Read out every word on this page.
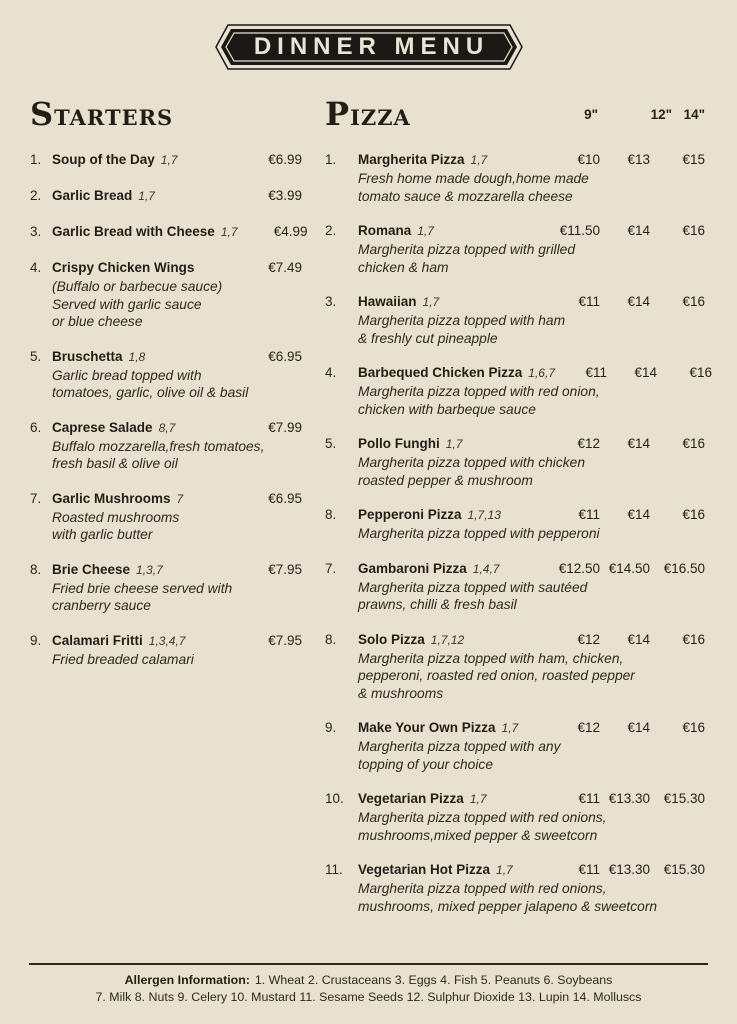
DINNER MENU
STARTERS
1. Soup of the Day 1,7	€6.99
2. Garlic Bread 1,7	€3.99
3. Garlic Bread with Cheese 1,7	€4.99
4. Crispy Chicken Wings	€7.49
(Buffalo or barbecue sauce)
Served with garlic sauce
or blue cheese
5. Bruschetta 1,8	€6.95
Garlic bread topped with
tomatoes, garlic, olive oil & basil
6. Caprese Salade 8,7	€7.99
Buffalo mozzarella,fresh tomatoes,
fresh basil & olive oil
7. Garlic Mushrooms 7	€6.95
Roasted mushrooms
with garlic butter
8. Brie Cheese 1,3,7	€7.95
Fried brie cheese served with
cranberry sauce
9. Calamari Fritti 1,3,4,7	€7.95
Fried breaded calamari
PIZZA	9"	12" 14"
1.	Margherita Pizza 1,7	€10	€13	€15
Fresh home made dough,home made
tomato sauce & mozzarella cheese
2.	Romana 1,7	€11.50	€14	€16
Margherita pizza topped with grilled
chicken & ham
3.	Hawaiian 1,7	€11	€14	€16
Margherita pizza topped with ham
& freshly cut pineapple
4.	Barbequed Chicken Pizza 1,6,7	€11	€14	€16
Margherita pizza topped with red onion,
chicken with barbeque sauce
5.	Pollo Funghi 1,7	€12	€14	€16
Margherita pizza topped with chicken
roasted pepper & mushroom
8.	Pepperoni Pizza 1,7,13	€11	€14	€16
Margherita pizza topped with pepperoni
7.	Gambaroni Pizza 1,4,7	€12.50 €14.50	€16.50
Margherita pizza topped with sautéed
prawns, chilli & fresh basil
8.	Solo Pizza 1,7,12	€12	€14	€16
Margherita pizza topped with ham, chicken,
pepperoni, roasted red onion, roasted pepper
& mushrooms
9.	Make Your Own Pizza 1,7	€12	€14	€16
Margherita pizza topped with any
topping of your choice
10.	Vegetarian Pizza 1,7	€11 €13.30	€15.30
Margherita pizza topped with red onions,
mushrooms,mixed pepper & sweetcorn
11.	Vegetarian Hot Pizza 1,7	€11 €13.30	€15.30
Margherita pizza topped with red onions,
mushrooms, mixed pepper jalapeno & sweetcorn
Allergen Information: 1. Wheat 2. Crustaceans 3. Eggs 4. Fish 5. Peanuts 6. Soybeans
7. Milk 8. Nuts 9. Celery 10. Mustard 11. Sesame Seeds 12. Sulphur Dioxide 13. Lupin 14. Molluscs
